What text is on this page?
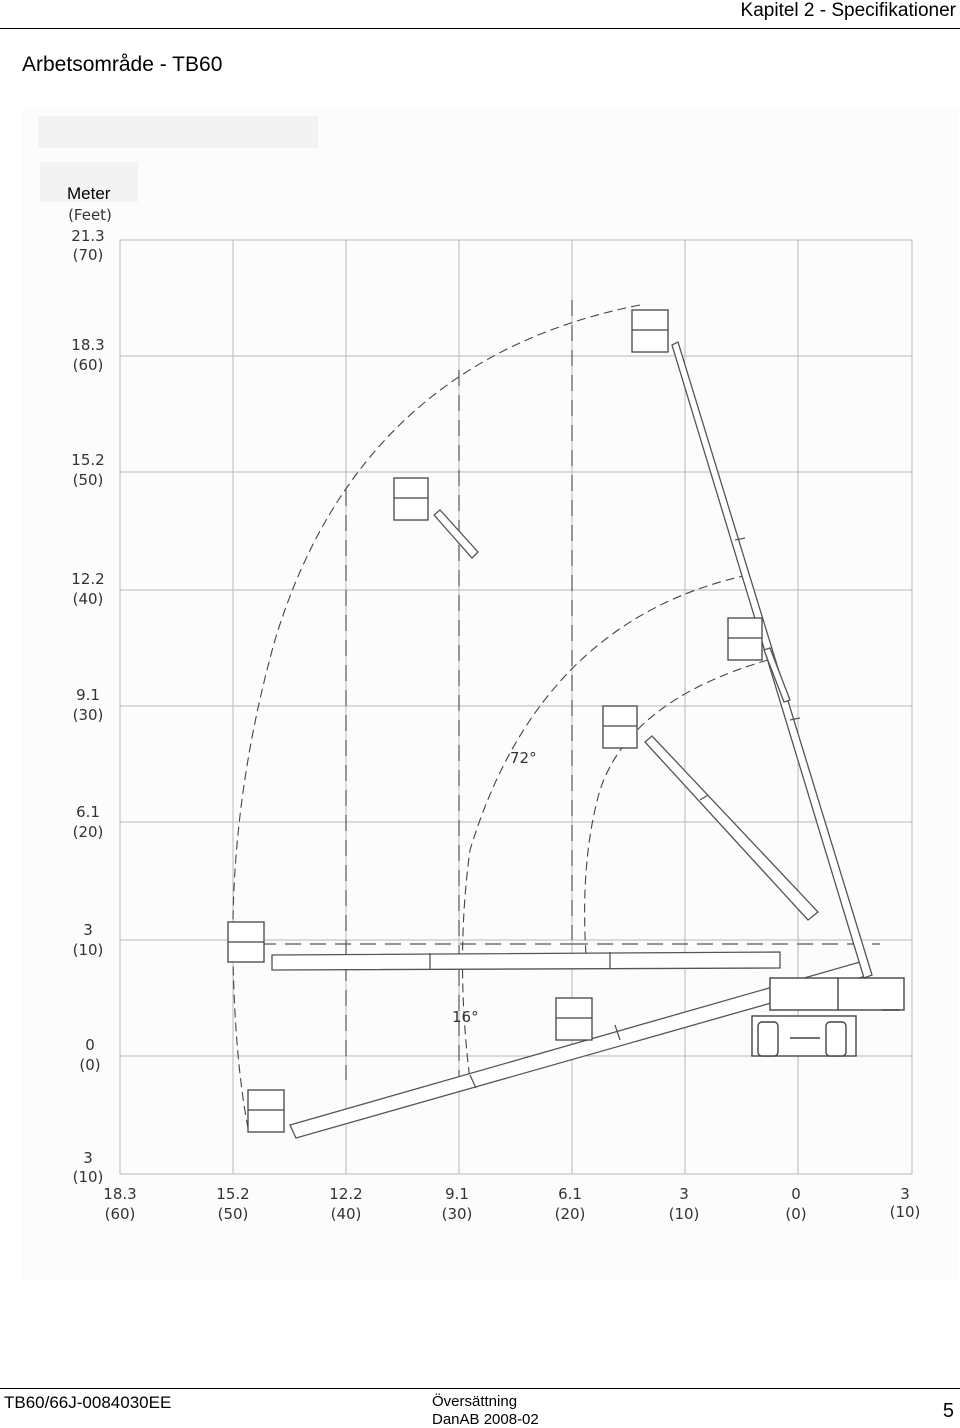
Kapitel 2 - Specifikationer
Arbetsområde - TB60
72°
16°
(Feet)
21.3
(70)
18.3
(60)
15.2
(50)
12.2
(40)
9.1
(30)
6.1
(20)
3
(10)
0
(0)
3
(10)
18.3
(60)
15.2
(50)
12.2
(40)
9.1
(30)
6.1
(20)
3
(10)
0
(0)
3
(10)
Meter
TB60/66J-0084030EE	Översättning
DanAB 2008-02	5
